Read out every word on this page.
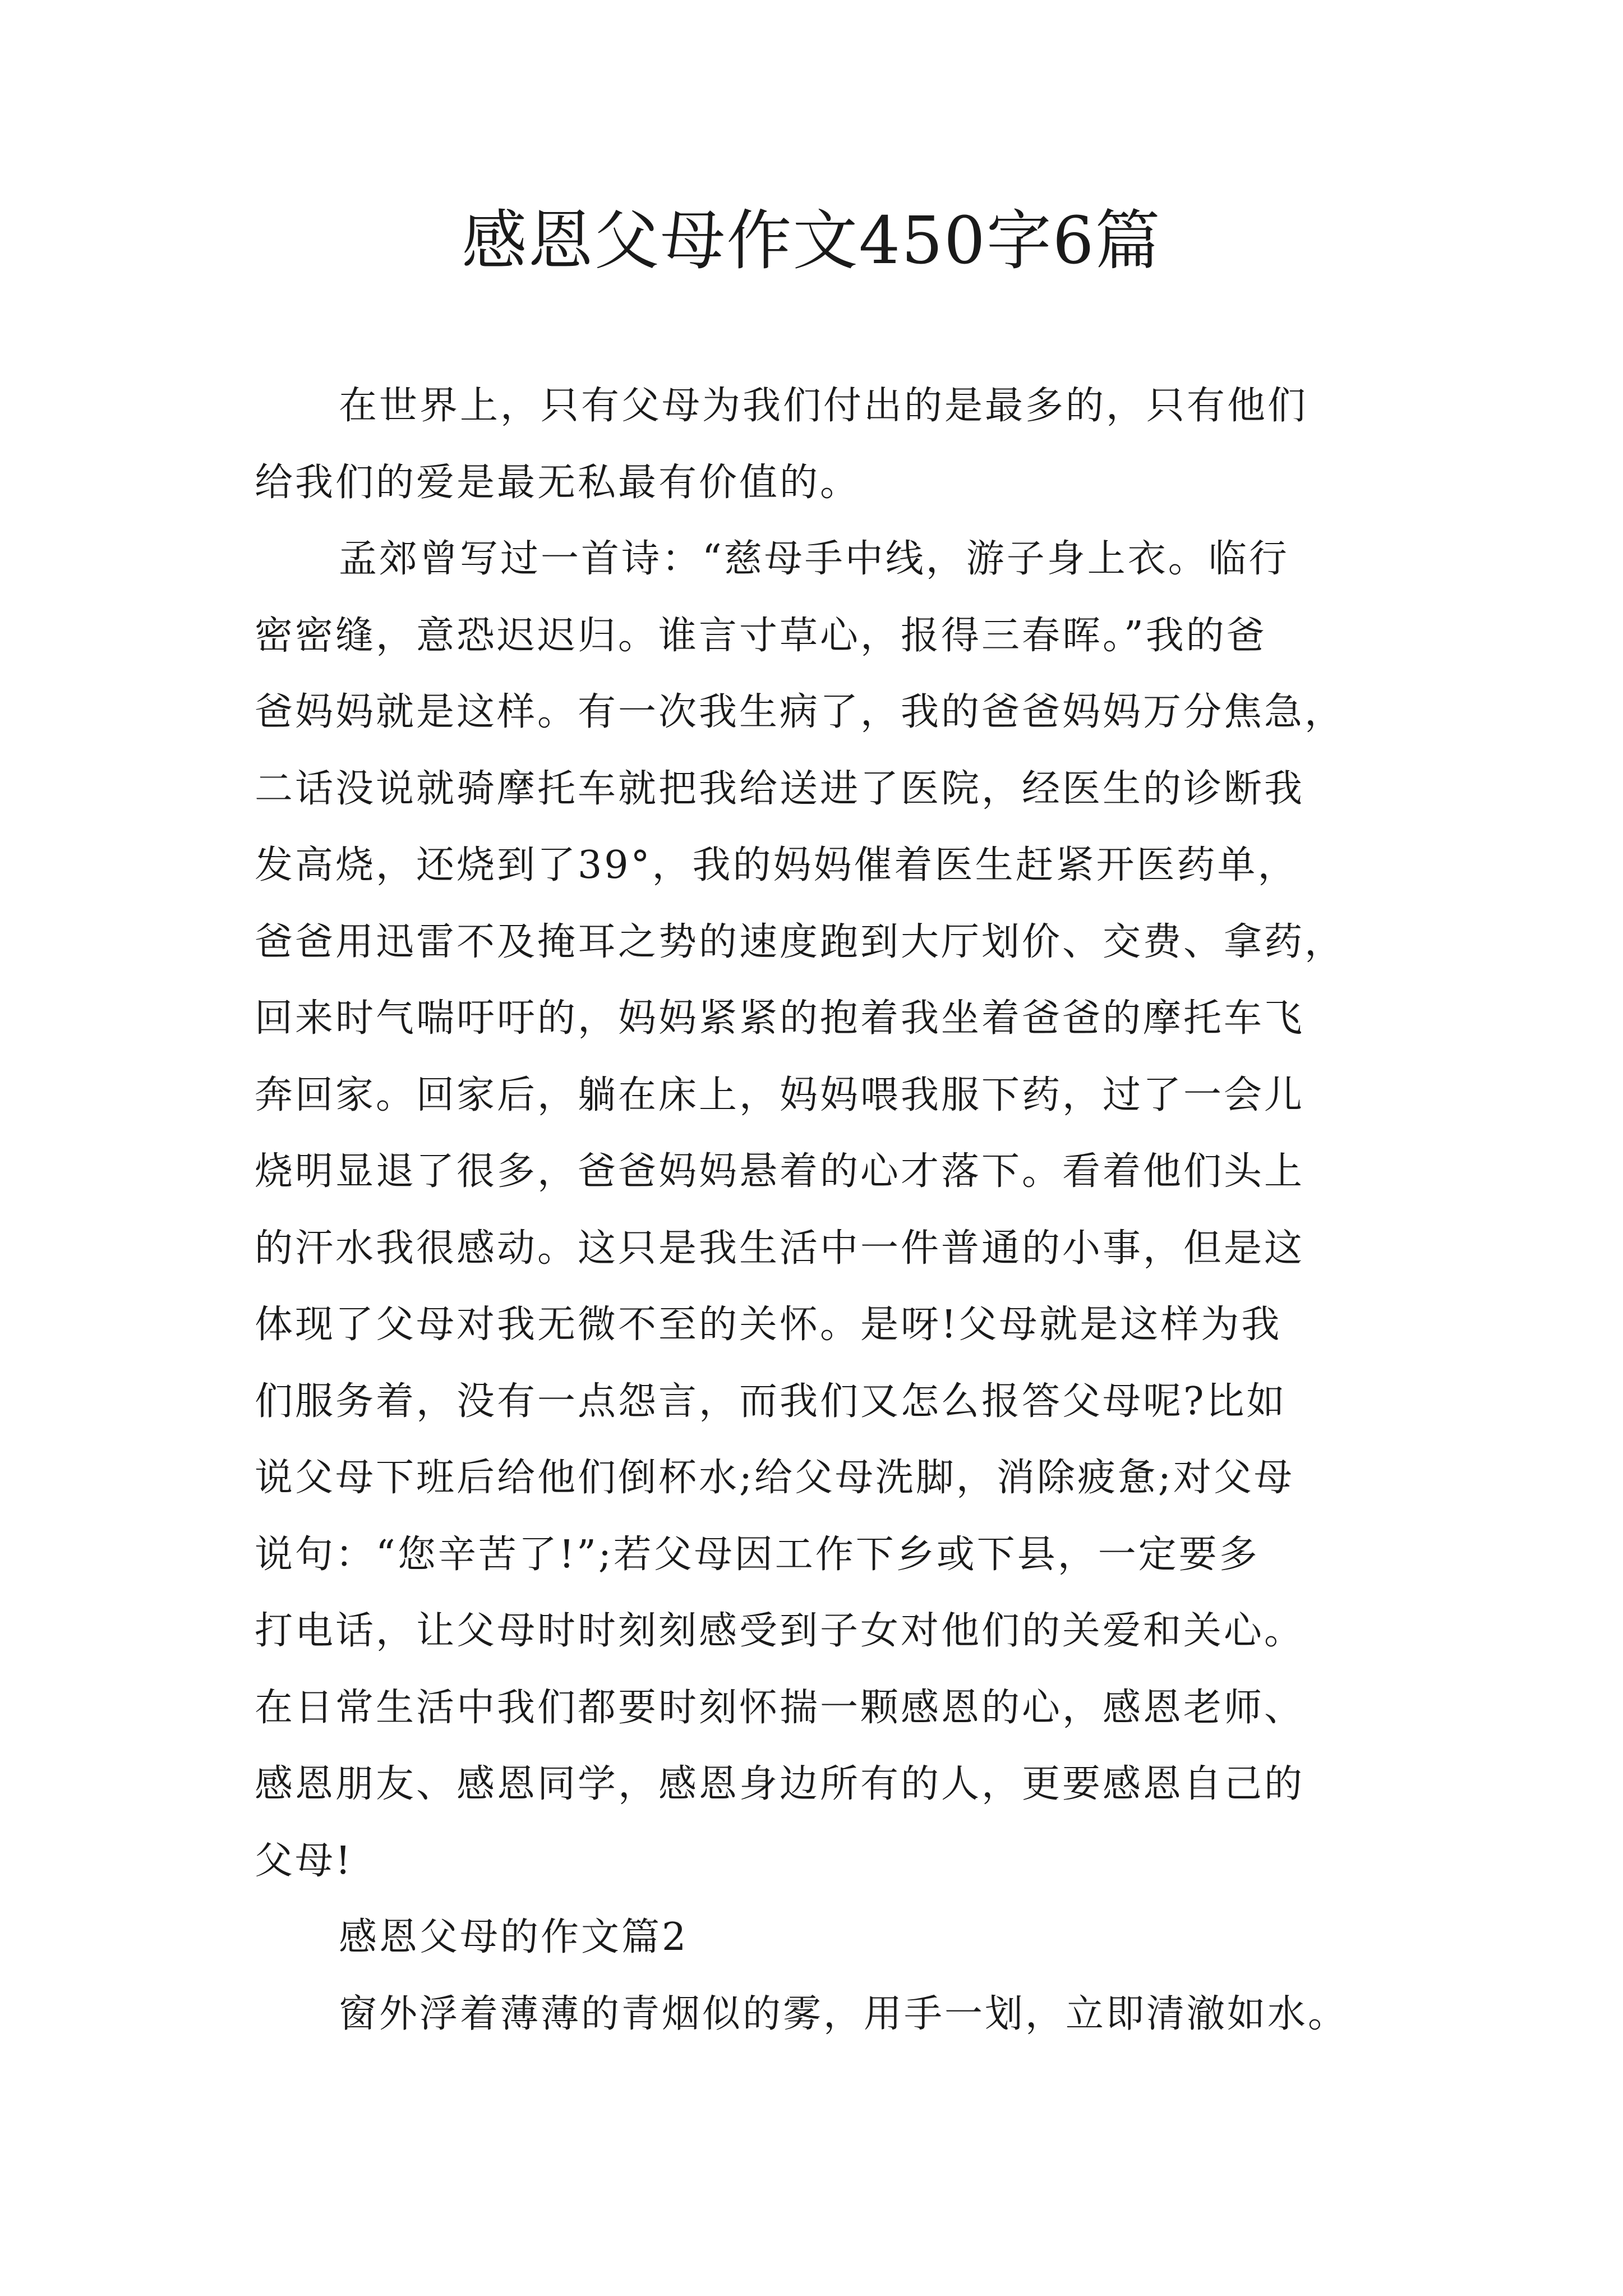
感恩父母作文450字6篇

在世界上，只有父母为我们付出的是最多的，只有他们
给我们的爱是最无私最有价值的。

孟郊曾写过一首诗：“慈母手中线，游子身上衣。临行
密密缝，意恐迟迟归。谁言寸草心，报得三春晖。”我的爸
爸妈妈就是这样。有一次我生病了，我的爸爸妈妈万分焦急，
二话没说就骑摩托车就把我给送进了医院，经医生的诊断我
发高烧，还烧到了39°，我的妈妈催着医生赶紧开医药单，
爸爸用迅雷不及掩耳之势的速度跑到大厅划价、交费、拿药，
回来时气喘吁吁的，妈妈紧紧的抱着我坐着爸爸的摩托车飞
奔回家。回家后，躺在床上，妈妈喂我服下药，过了一会儿
烧明显退了很多，爸爸妈妈悬着的心才落下。看着他们头上
的汗水我很感动。这只是我生活中一件普通的小事，但是这
体现了父母对我无微不至的关怀。是呀!父母就是这样为我
们服务着，没有一点怨言，而我们又怎么报答父母呢?比如
说父母下班后给他们倒杯水;给父母洗脚，消除疲惫;对父母
说句：“您辛苦了!”;若父母因工作下乡或下县，一定要多
打电话，让父母时时刻刻感受到子女对他们的关爱和关心。
在日常生活中我们都要时刻怀揣一颗感恩的心，感恩老师、
感恩朋友、感恩同学，感恩身边所有的人，更要感恩自己的
父母!

感恩父母的作文篇2

窗外浮着薄薄的青烟似的雾，用手一划，立即清澈如水。
